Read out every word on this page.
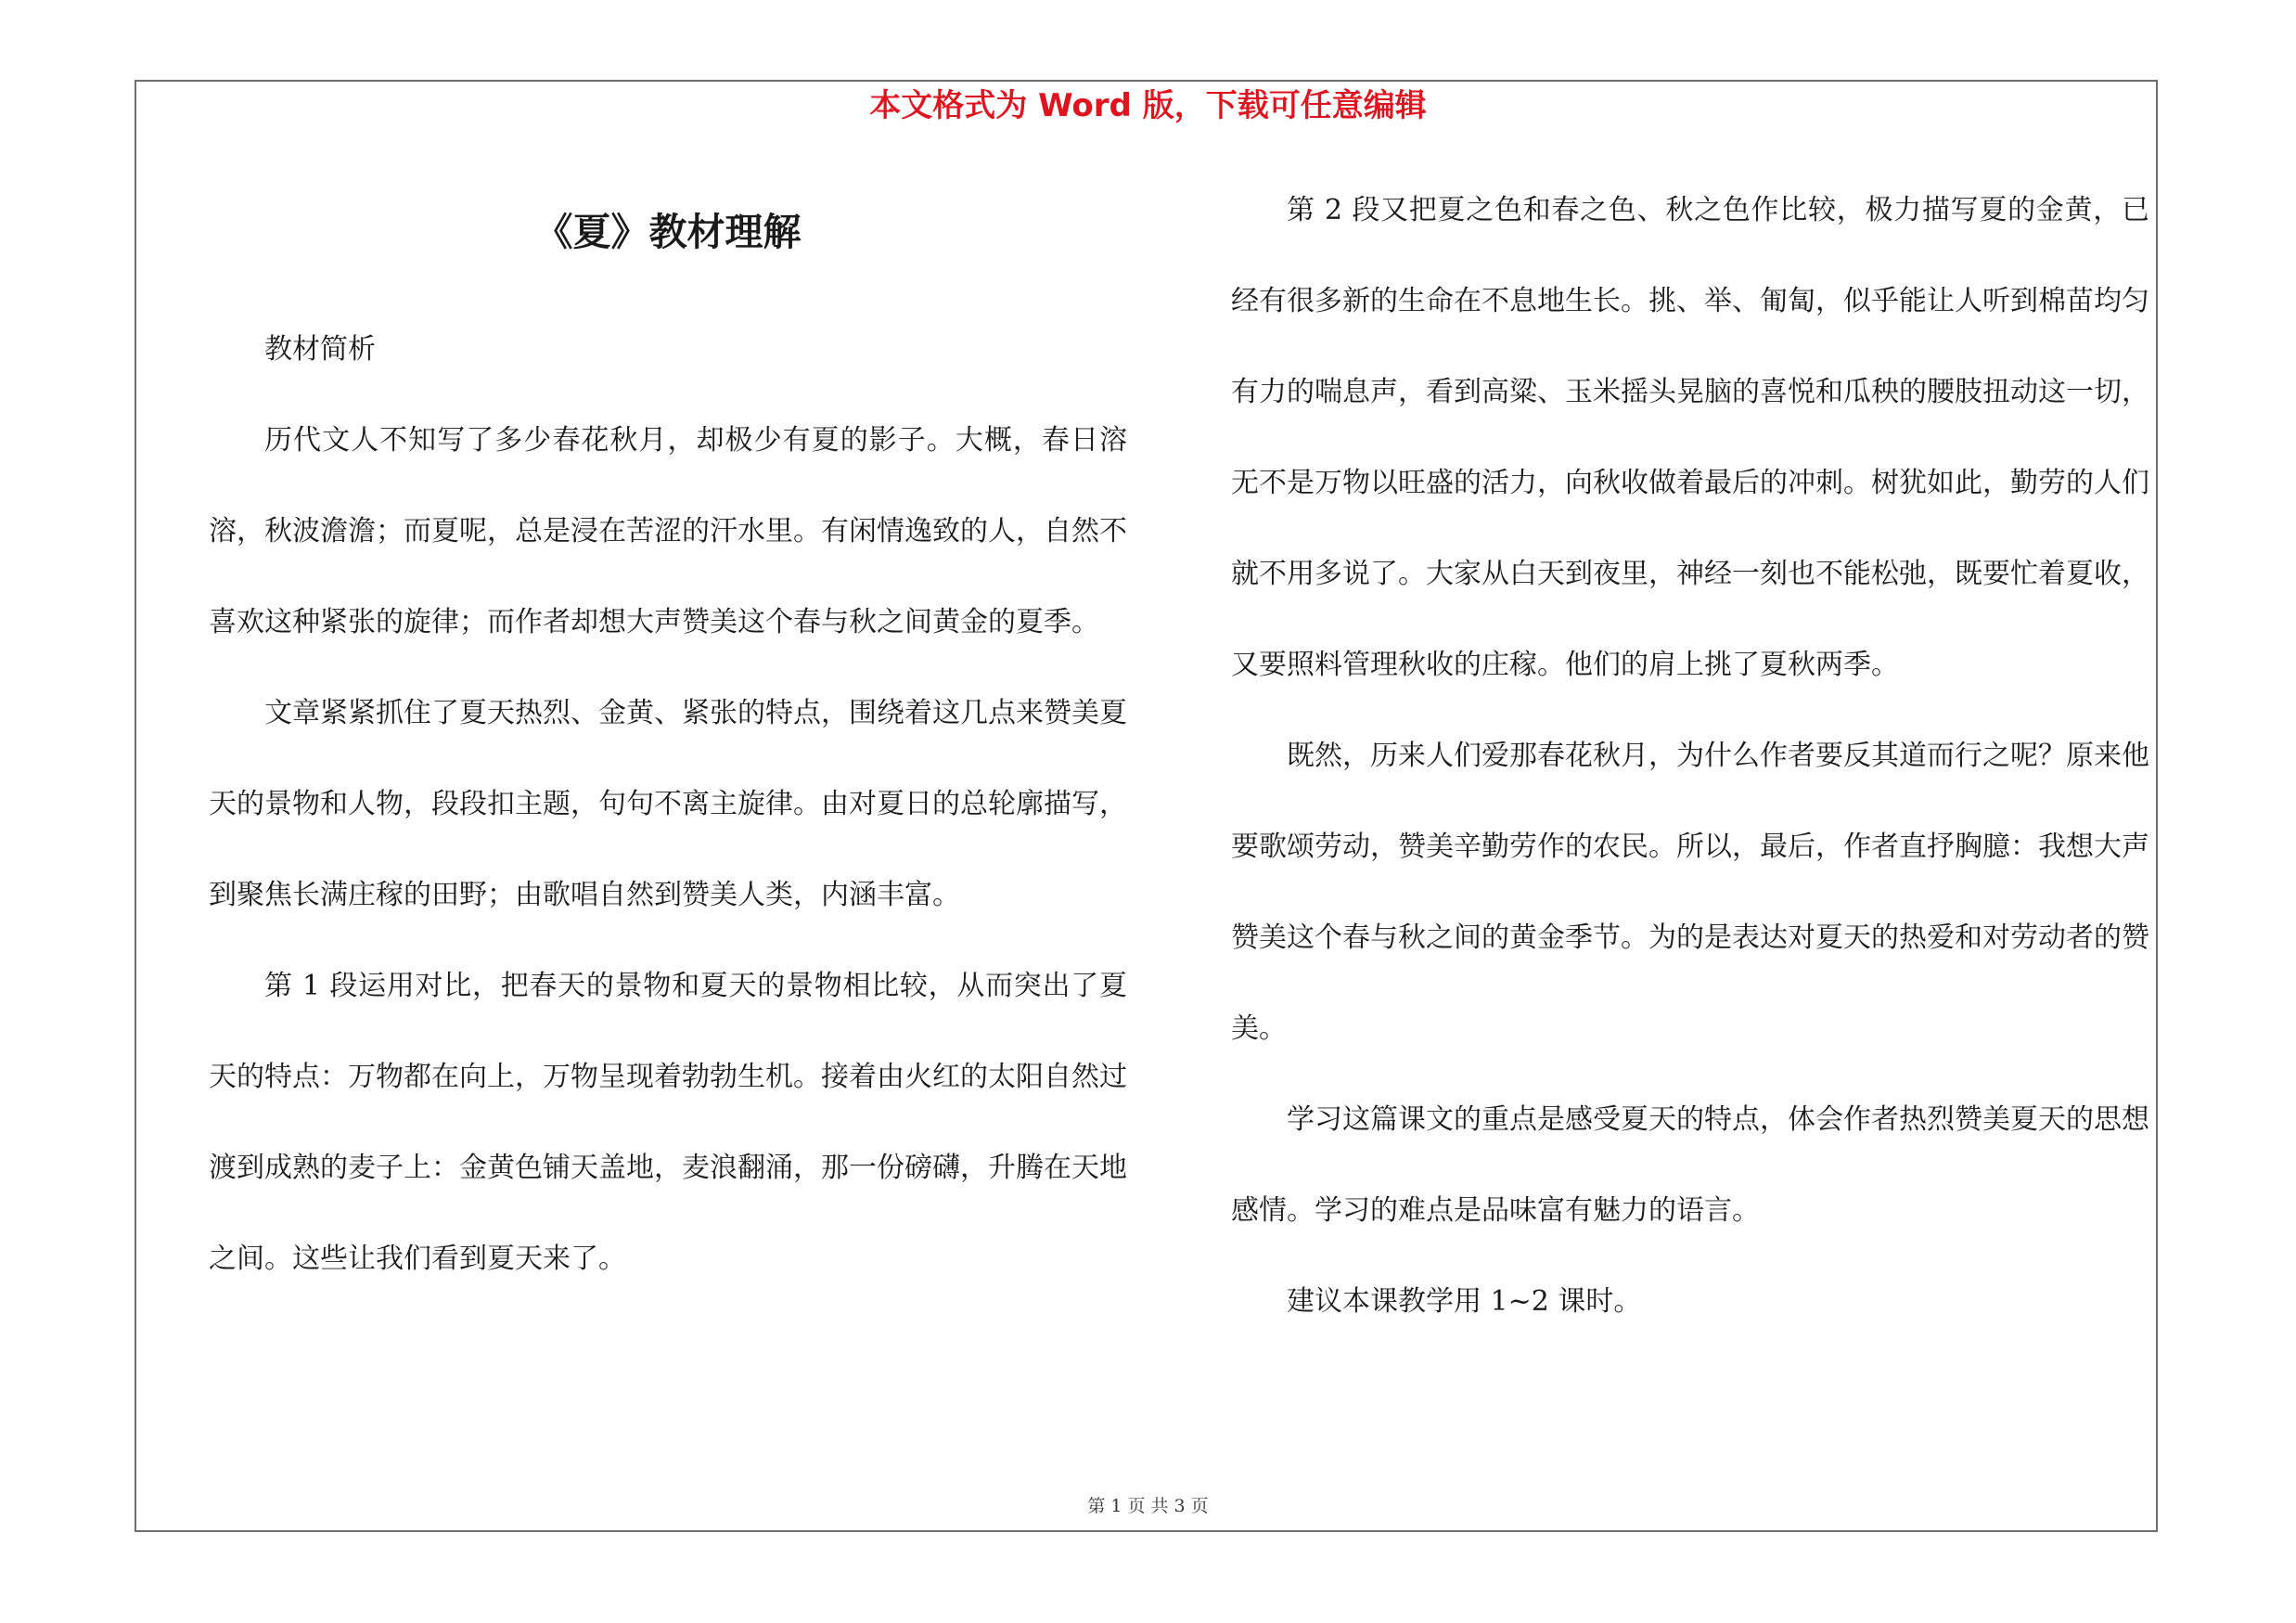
本文格式为 Word 版，下载可任意编辑
《夏》教材理解

教材简析

历代文人不知写了多少春花秋月，却极少有夏的影子。大概，春日溶溶，秋波澹澹；而夏呢，总是浸在苦涩的汗水里。有闲情逸致的人，自然不喜欢这种紧张的旋律；而作者却想大声赞美这个春与秋之间黄金的夏季。

文章紧紧抓住了夏天热烈、金黄、紧张的特点，围绕着这几点来赞美夏天的景物和人物，段段扣主题，句句不离主旋律。由对夏日的总轮廓描写，到聚焦长满庄稼的田野；由歌唱自然到赞美人类，内涵丰富。

第 1 段运用对比，把春天的景物和夏天的景物相比较，从而突出了夏天的特点：万物都在向上，万物呈现着勃勃生机。接着由火红的太阳自然过渡到成熟的麦子上：金黄色铺天盖地，麦浪翻涌，那一份磅礴，升腾在天地之间。这些让我们看到夏天来了。

第 2 段又把夏之色和春之色、秋之色作比较，极力描写夏的金黄，已经有很多新的生命在不息地生长。挑、举、匍匐，似乎能让人听到棉苗均匀有力的喘息声，看到高粱、玉米摇头晃脑的喜悦和瓜秧的腰肢扭动这一切，无不是万物以旺盛的活力，向秋收做着最后的冲刺。树犹如此，勤劳的人们就不用多说了。大家从白天到夜里，神经一刻也不能松弛，既要忙着夏收，又要照料管理秋收的庄稼。他们的肩上挑了夏秋两季。

既然，历来人们爱那春花秋月，为什么作者要反其道而行之呢？原来他要歌颂劳动，赞美辛勤劳作的农民。所以，最后，作者直抒胸臆：我想大声赞美这个春与秋之间的黄金季节。为的是表达对夏天的热爱和对劳动者的赞美。

学习这篇课文的重点是感受夏天的特点，体会作者热烈赞美夏天的思想感情。学习的难点是品味富有魅力的语言。

建议本课教学用 1~2 课时。

第 1 页 共 3 页
